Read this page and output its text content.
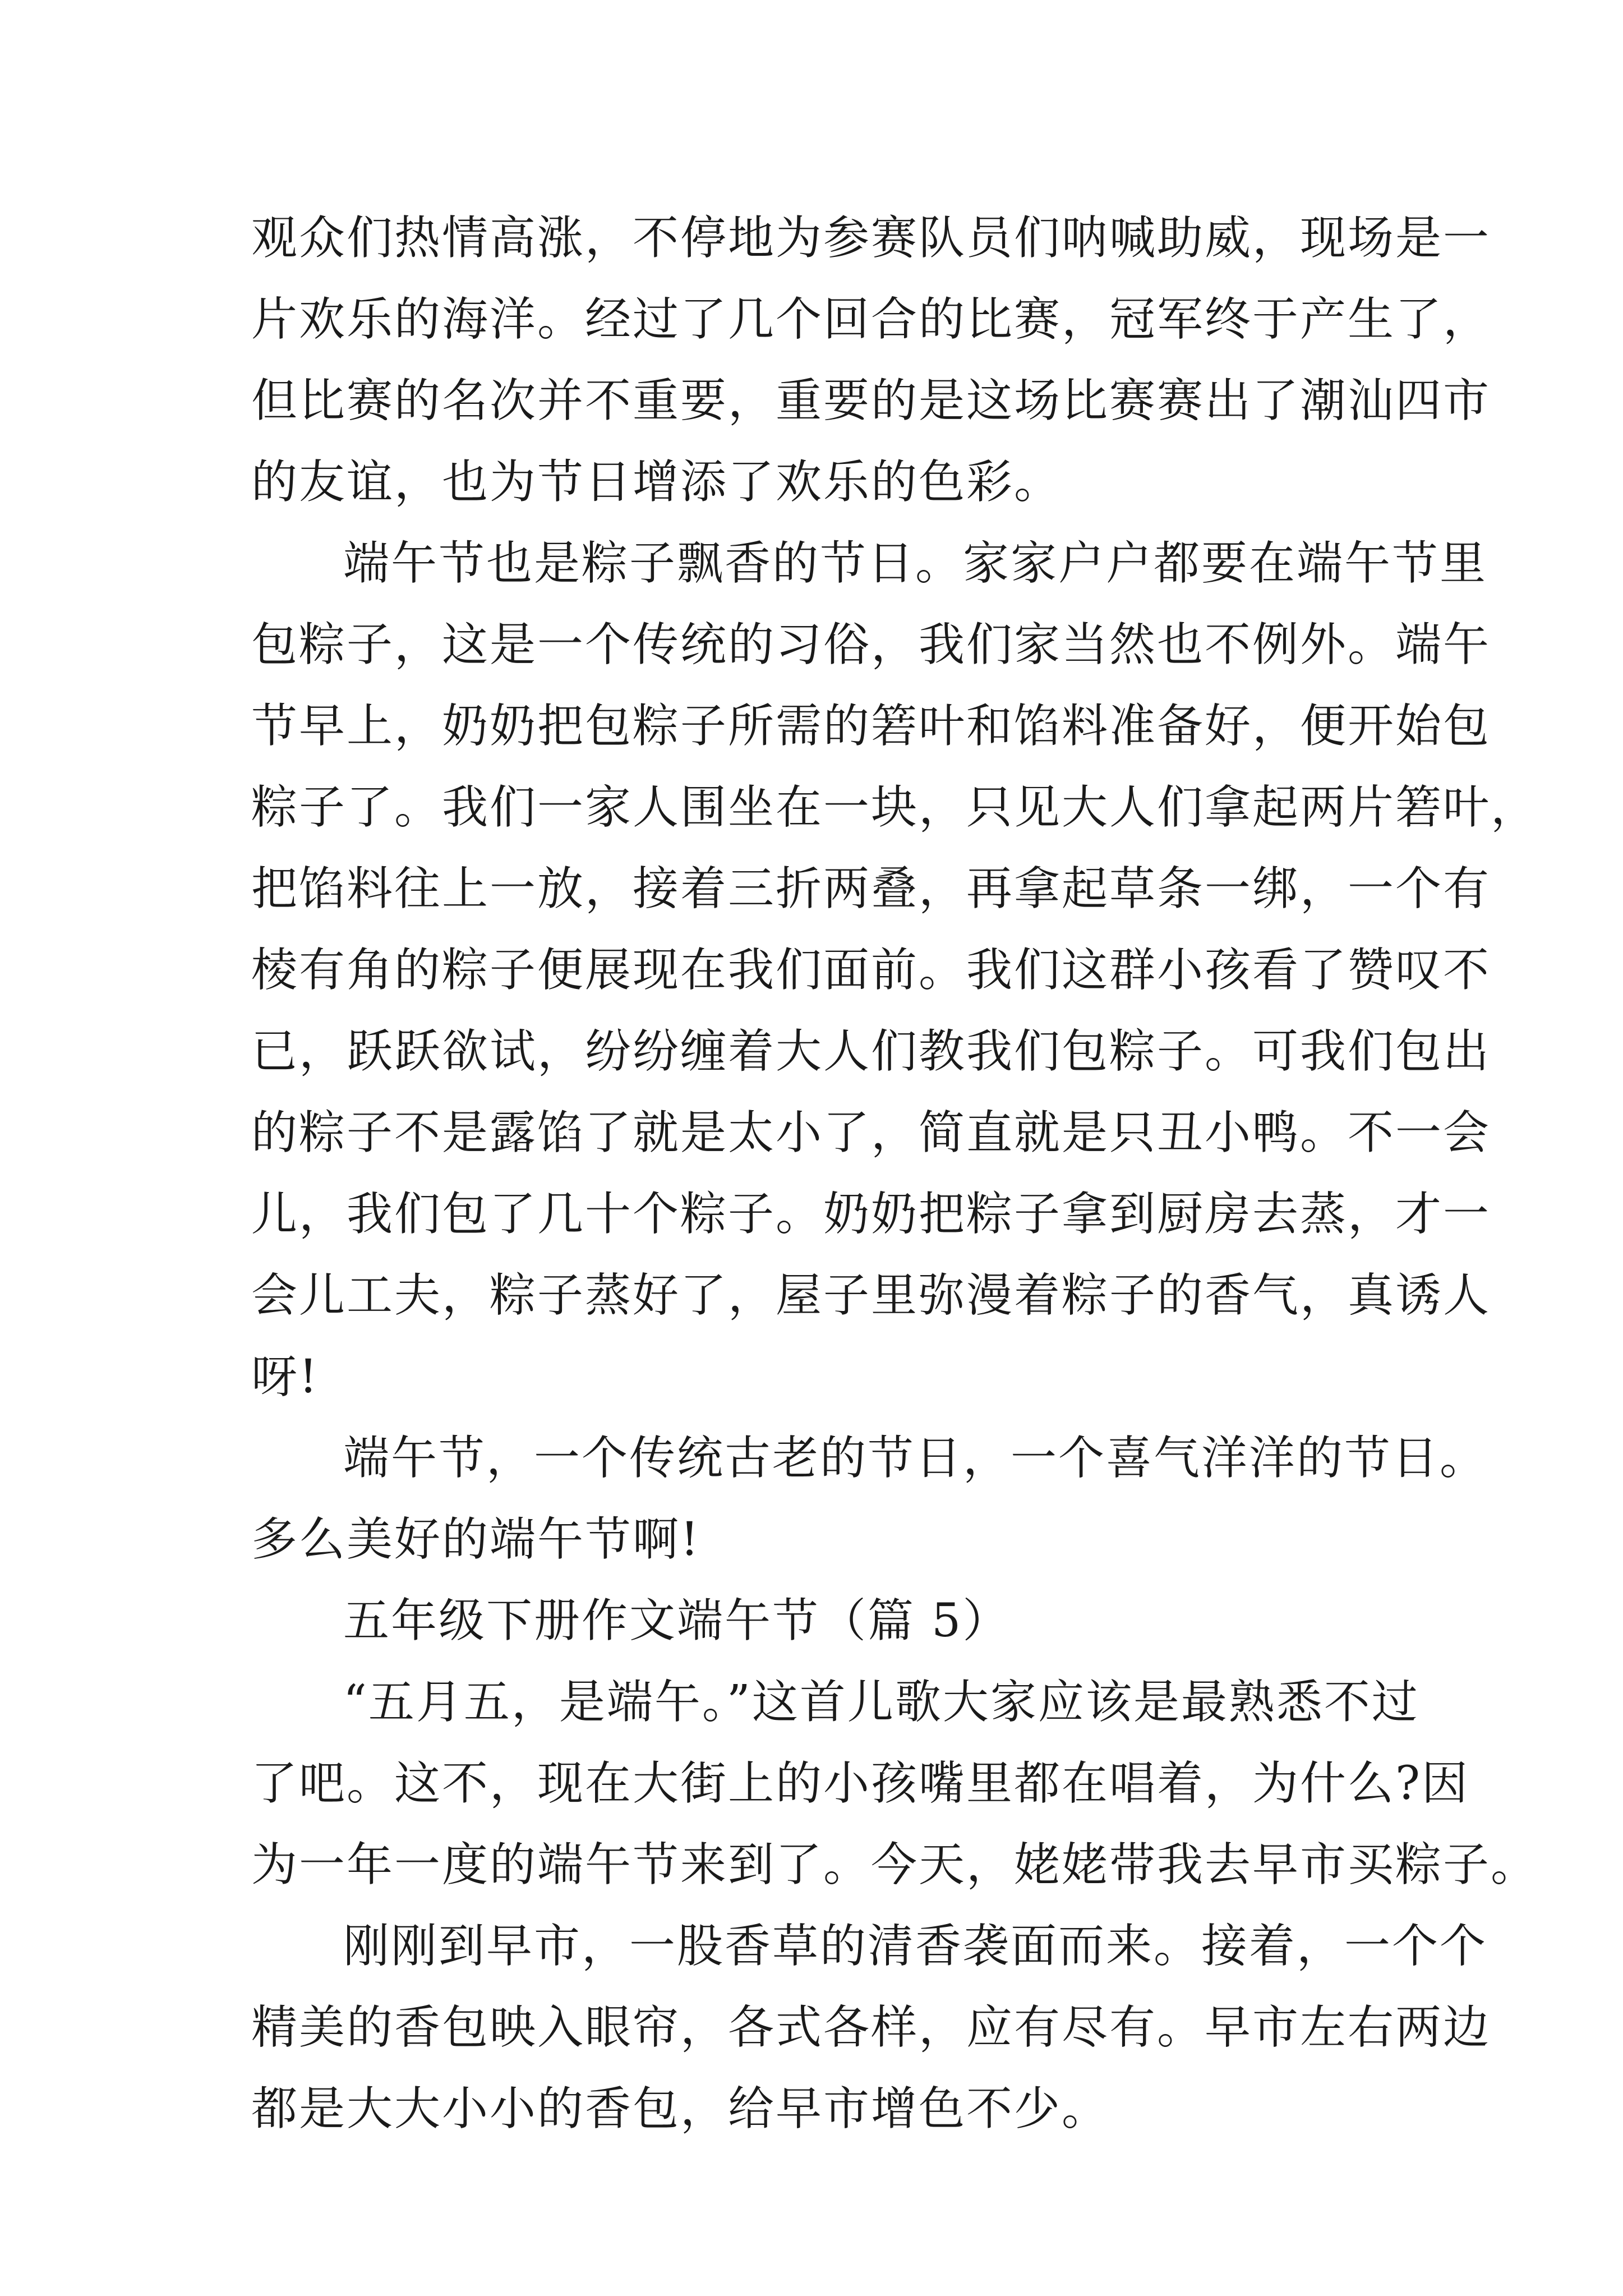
观众们热情高涨，不停地为参赛队员们呐喊助威，现场是一
片欢乐的海洋。经过了几个回合的比赛，冠军终于产生了，
但比赛的名次并不重要，重要的是这场比赛赛出了潮汕四市
的友谊，也为节日增添了欢乐的色彩。
端午节也是粽子飘香的节日。家家户户都要在端午节里
包粽子，这是一个传统的习俗，我们家当然也不例外。端午
节早上，奶奶把包粽子所需的箬叶和馅料准备好，便开始包
粽子了。我们一家人围坐在一块，只见大人们拿起两片箬叶，
把馅料往上一放，接着三折两叠，再拿起草条一绑，一个有
棱有角的粽子便展现在我们面前。我们这群小孩看了赞叹不
已，跃跃欲试，纷纷缠着大人们教我们包粽子。可我们包出
的粽子不是露馅了就是太小了，简直就是只丑小鸭。不一会
儿，我们包了几十个粽子。奶奶把粽子拿到厨房去蒸，才一
会儿工夫，粽子蒸好了，屋子里弥漫着粽子的香气，真诱人
呀!
端午节，一个传统古老的节日，一个喜气洋洋的节日。
多么美好的端午节啊!
五年级下册作文端午节（篇 5）
“五月五，是端午。”这首儿歌大家应该是最熟悉不过
了吧。这不，现在大街上的小孩嘴里都在唱着，为什么?因
为一年一度的端午节来到了。今天，姥姥带我去早市买粽子。
刚刚到早市，一股香草的清香袭面而来。接着，一个个
精美的香包映入眼帘，各式各样，应有尽有。早市左右两边
都是大大小小的香包，给早市增色不少。
